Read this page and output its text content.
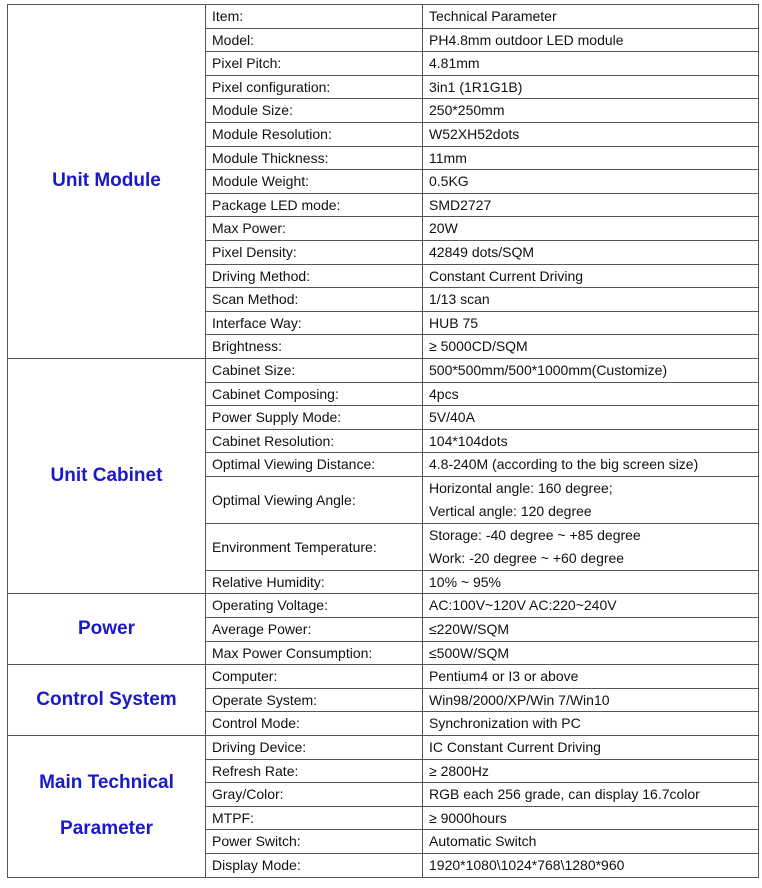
Unit Module	Item:	Technical Parameter
	Model:	PH4.8mm outdoor LED module
	Pixel Pitch:	4.81mm
	Pixel configuration:	3in1 (1R1G1B)
	Module Size:	250*250mm
	Module Resolution:	W52XH52dots
	Module Thickness:	11mm
	Module Weight:	0.5KG
	Package LED mode:	SMD2727
	Max Power:	20W
	Pixel Density:	42849 dots/SQM
	Driving Method:	Constant Current Driving
	Scan Method:	1/13 scan
	Interface Way:	HUB 75
	Brightness:	≥ 5000CD/SQM
Unit Cabinet	Cabinet Size:	500*500mm/500*1000mm(Customize)
	Cabinet Composing:	4pcs
	Power Supply Mode:	5V/40A
	Cabinet Resolution:	104*104dots
	Optimal Viewing Distance:	4.8-240M (according to the big screen size)
	Optimal Viewing Angle:	Horizontal angle: 160 degree;
Vertical angle: 120 degree

	Environment Temperature:	Storage: -40 degree ~ +85 degree
Work: -20 degree ~ +60 degree

	Relative Humidity:	10% ~ 95%
Power	Operating Voltage:	AC:100V~120V AC:220~240V
	Average Power:	≤220W/SQM
	Max Power Consumption:	≤500W/SQM
Control System	Computer:	Pentium4 or I3 or above
	Operate System:	Win98/2000/XP/Win 7/Win10
	Control Mode:	Synchronization with PC
Main Technical Parameter	Driving Device:	IC Constant Current Driving
	Refresh Rate:	≥ 2800Hz
	Gray/Color:	RGB each 256 grade, can display 16.7color
	MTPF:	≥ 9000hours
	Power Switch:	Automatic Switch
	Display Mode:	1920*1080\1024*768\1280*960
